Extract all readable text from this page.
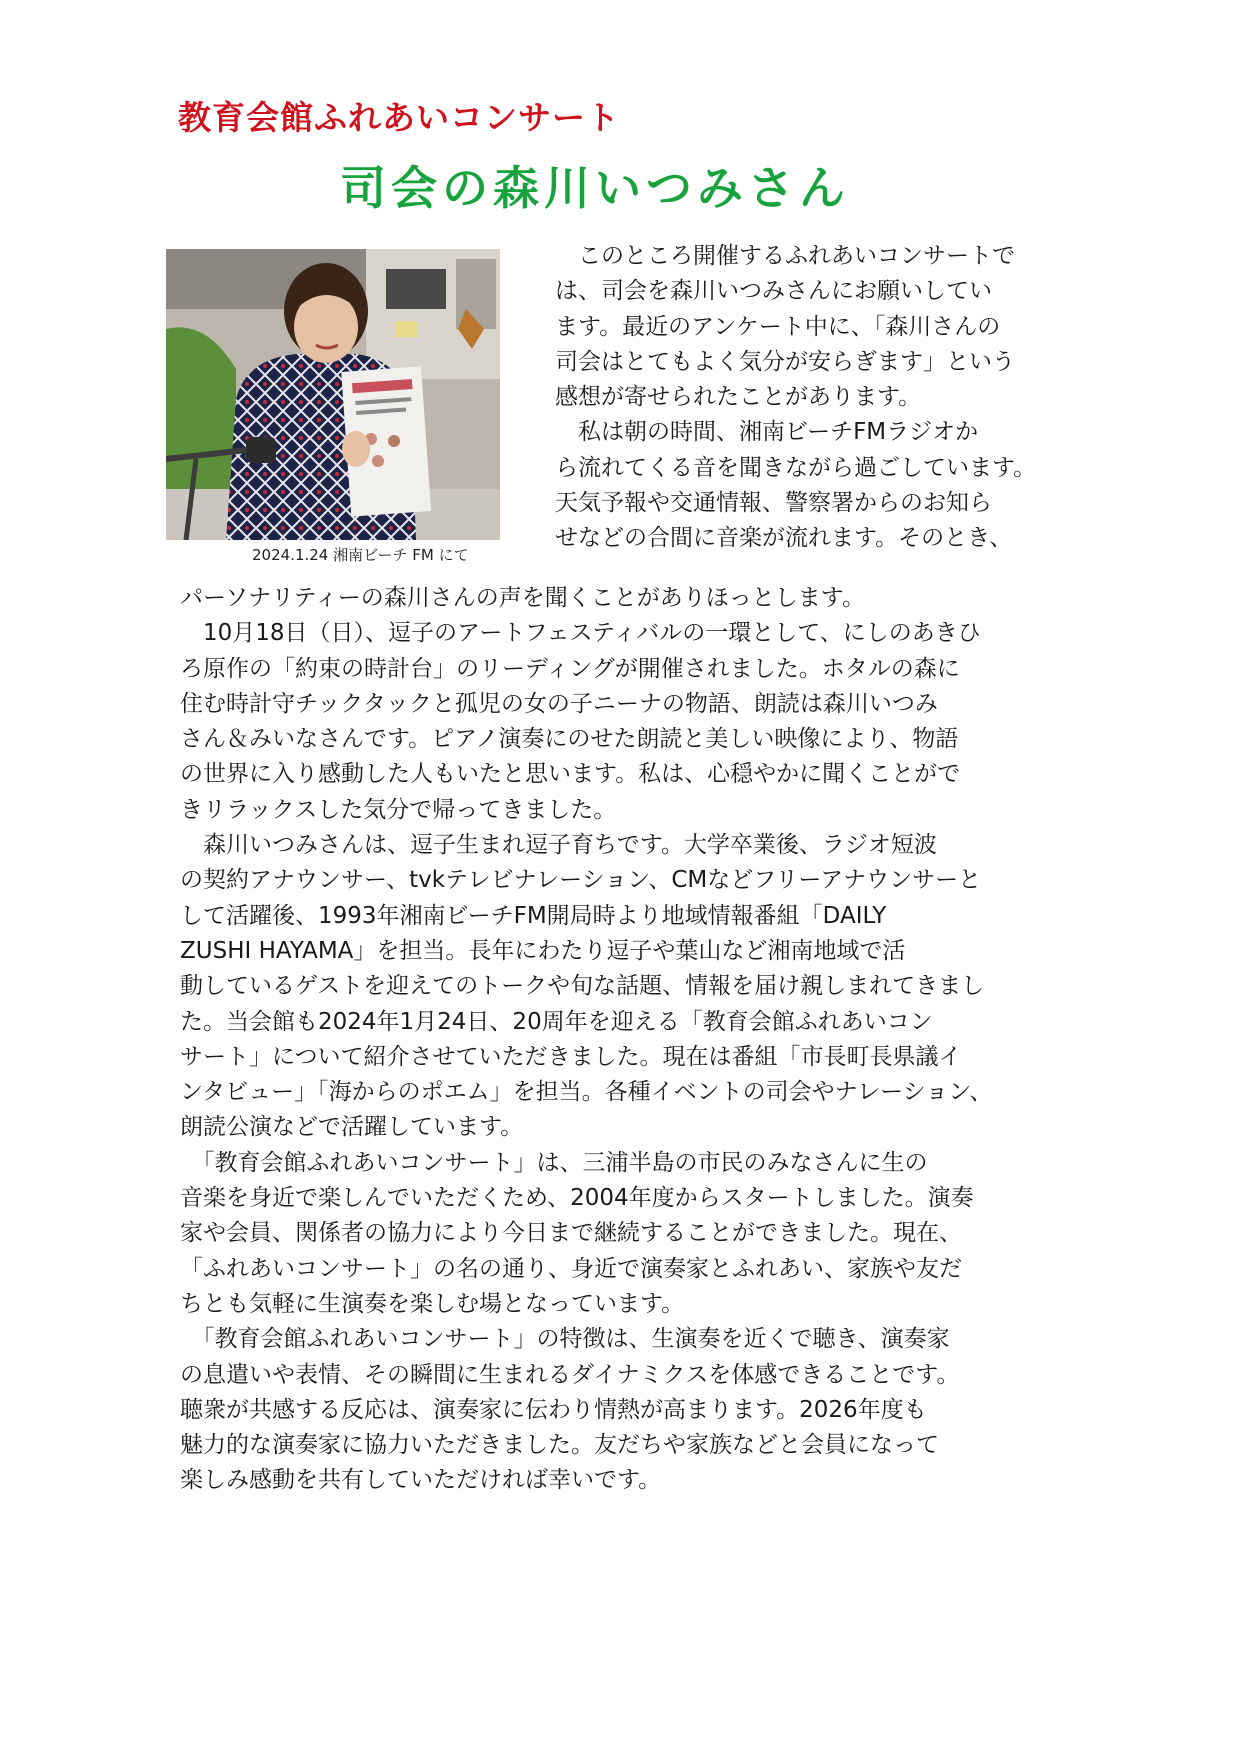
教育会館ふれあいコンサート
司会の森川いつみさん
2024.1.24 湘南ビーチ FM にて

　このところ開催するふれあいコンサートで

は、司会を森川いつみさんにお願いしてい

ます。最近のアンケート中に、「森川さんの

司会はとてもよく気分が安らぎます」という

感想が寄せられたことがあります。

　私は朝の時間、湘南ビーチFMラジオか

ら流れてくる音を聞きながら過ごしています。

天気予報や交通情報、警察署からのお知ら

せなどの合間に音楽が流れます。そのとき、

パーソナリティーの森川さんの声を聞くことがありほっとします。

　10月18日（日）、逗子のアートフェスティバルの一環として、にしのあきひ

ろ原作の「約束の時計台」のリーディングが開催されました。ホタルの森に

住む時計守チックタックと孤児の女の子ニーナの物語、朗読は森川いつみ

さん＆みいなさんです。ピアノ演奏にのせた朗読と美しい映像により、物語

の世界に入り感動した人もいたと思います。私は、心穏やかに聞くことがで

きリラックスした気分で帰ってきました。

　森川いつみさんは、逗子生まれ逗子育ちです。大学卒業後、ラジオ短波

の契約アナウンサー、tvkテレビナレーション、CMなどフリーアナウンサーと

して活躍後、1993年湘南ビーチFM開局時より地域情報番組「DAILY

ZUSHI HAYAMA」を担当。長年にわたり逗子や葉山など湘南地域で活

動しているゲストを迎えてのトークや旬な話題、情報を届け親しまれてきまし

た。当会館も2024年1月24日、20周年を迎える「教育会館ふれあいコン

サート」について紹介させていただきました。現在は番組「市長町長県議イ

ンタビュー」「海からのポエム」を担当。各種イベントの司会やナレーション、

朗読公演などで活躍しています。

　「教育会館ふれあいコンサート」は、三浦半島の市民のみなさんに生の

音楽を身近で楽しんでいただくため、2004年度からスタートしました。演奏

家や会員、関係者の協力により今日まで継続することができました。現在、

「ふれあいコンサート」の名の通り、身近で演奏家とふれあい、家族や友だ

ちとも気軽に生演奏を楽しむ場となっています。

　「教育会館ふれあいコンサート」の特徴は、生演奏を近くで聴き、演奏家

の息遣いや表情、その瞬間に生まれるダイナミクスを体感できることです。

聴衆が共感する反応は、演奏家に伝わり情熱が高まります。2026年度も

魅力的な演奏家に協力いただきました。友だちや家族などと会員になって

楽しみ感動を共有していただければ幸いです。
